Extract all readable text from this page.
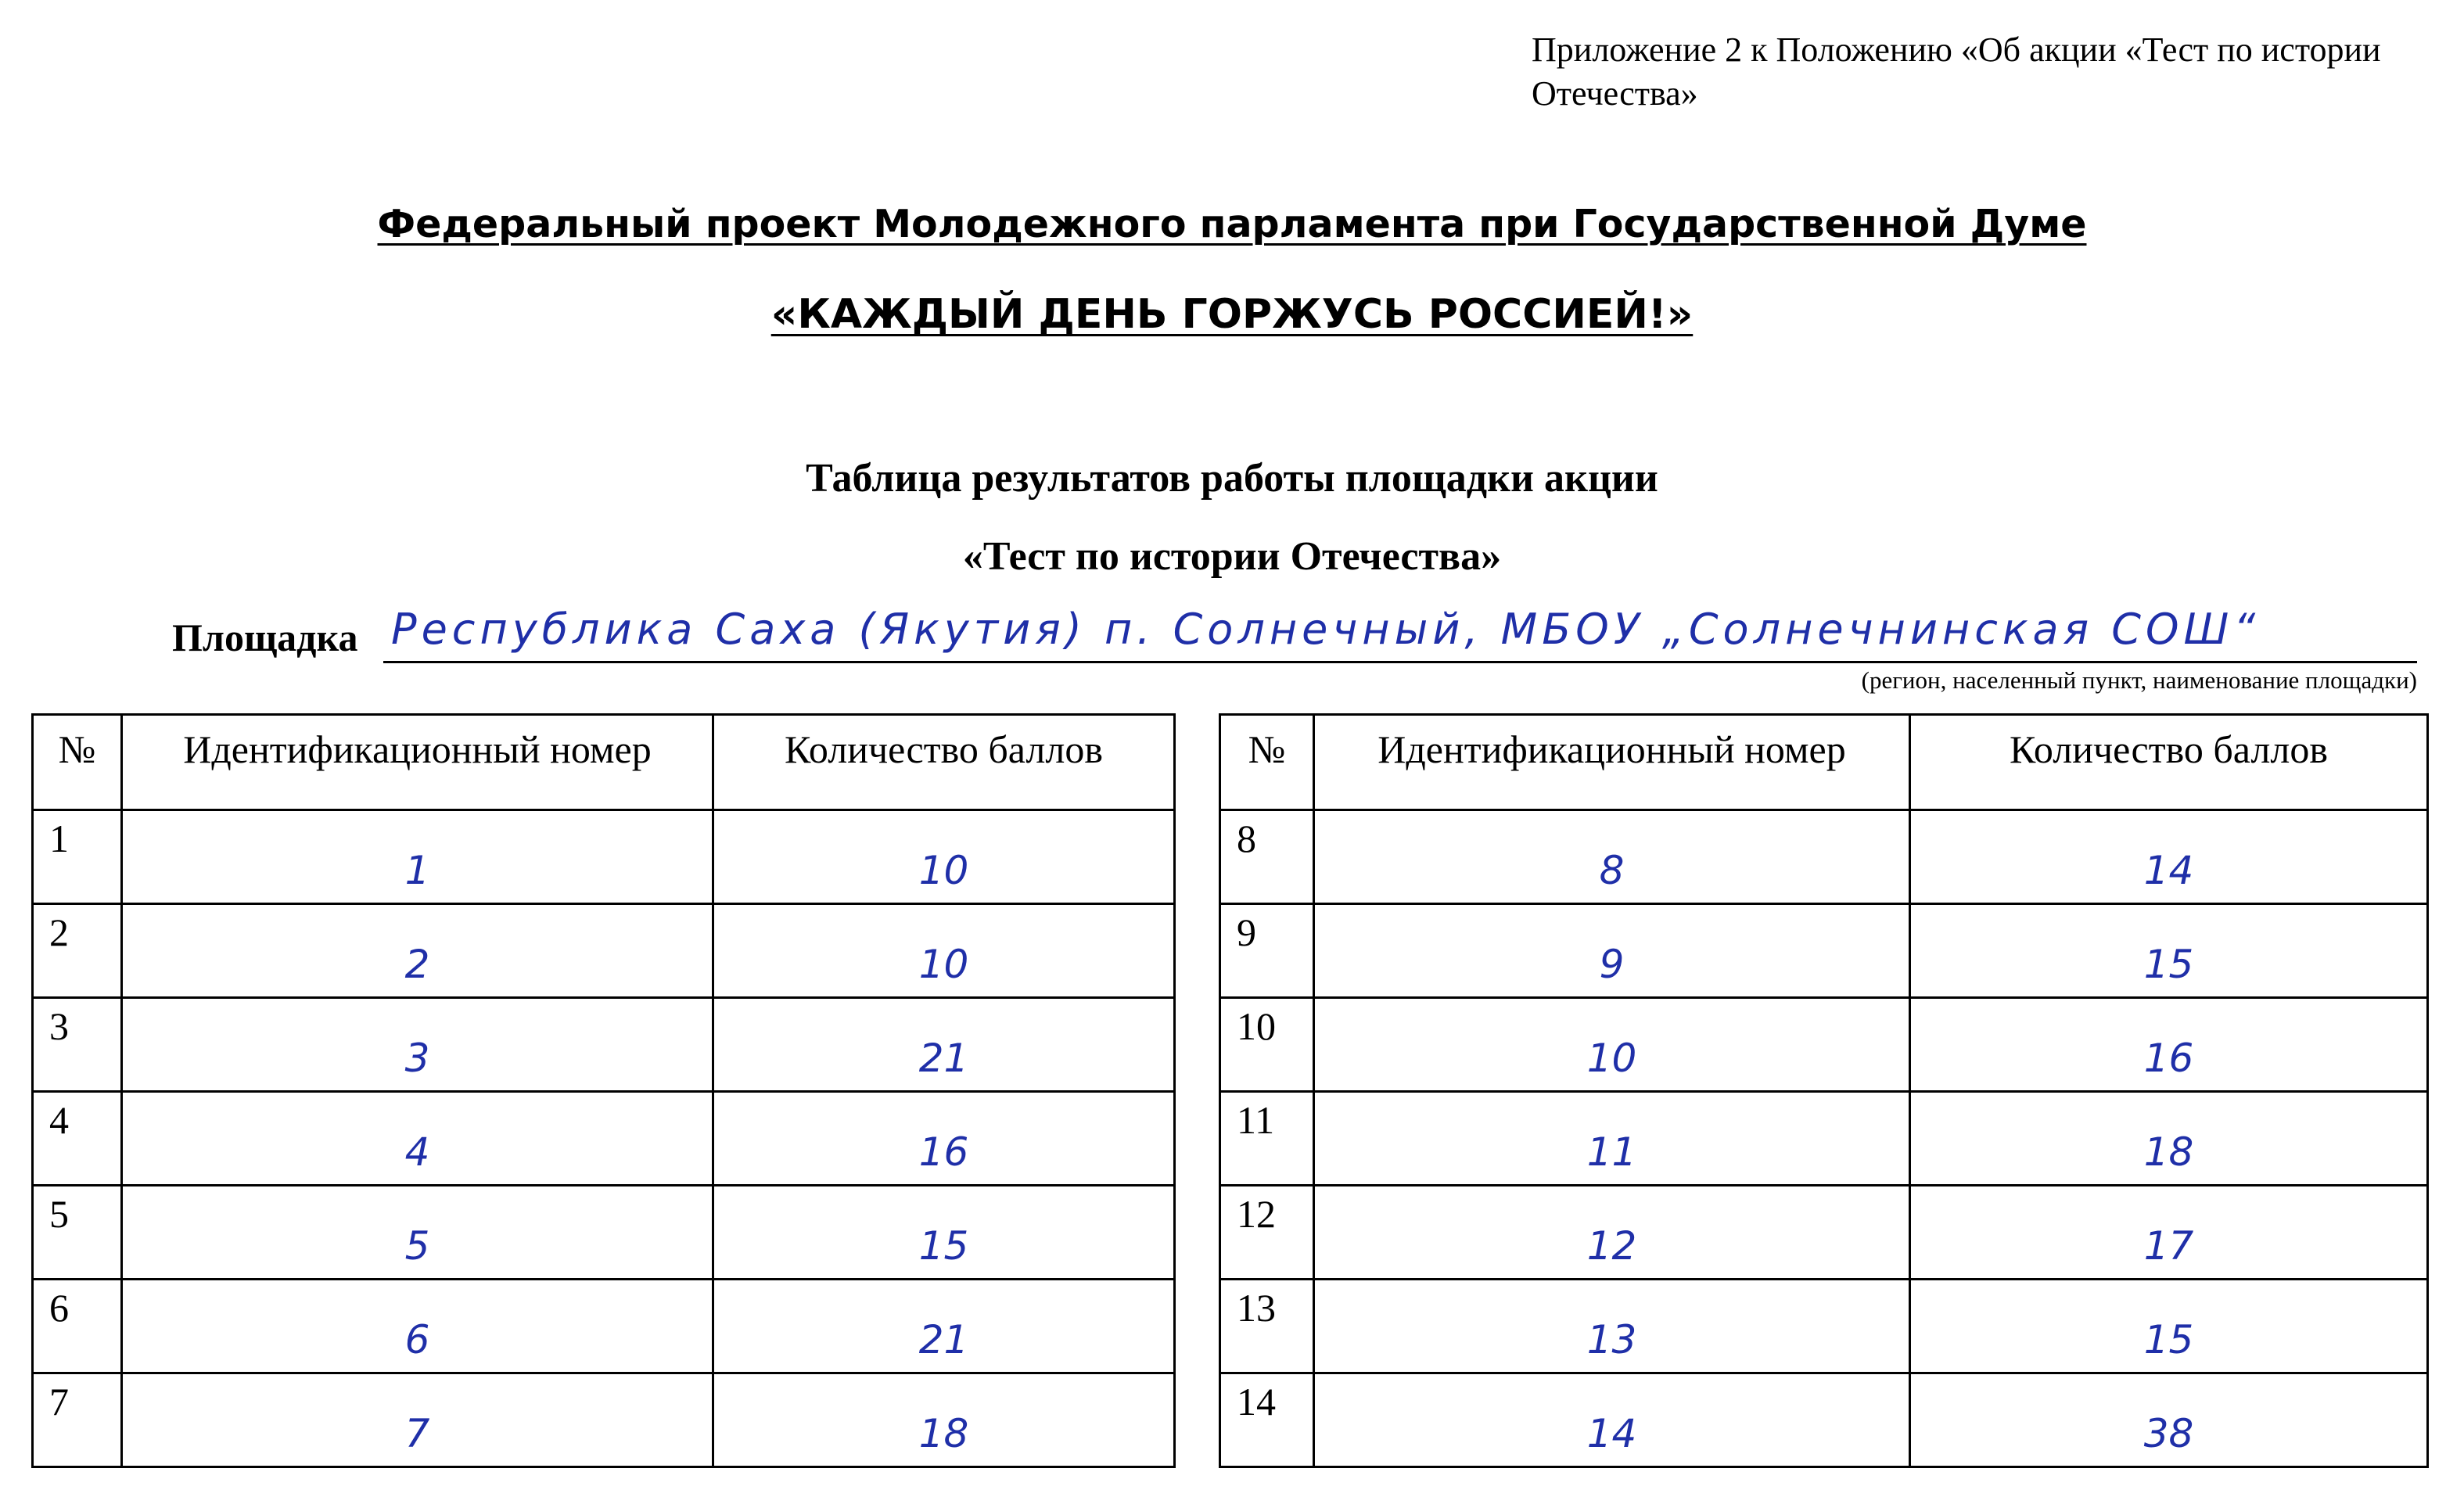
Приложение 2 к Положению «Об акции «Тест по истории Отечества»
Федеральный проект Молодежного парламента при Государственной Думе
«КАЖДЫЙ ДЕНЬ ГОРЖУСЬ РОССИЕЙ!»
Таблица результатов работы площадки акции
«Тест по истории Отечества»
Площадка Республика Саха (Якутия) п. Солнечный, МБОУ „Солнечнинская СОШ“
(регион, населенный пункт, наименование площадки)
№	Идентификационный номер	Количество баллов
1	1	10
2	2	10
3	3	21
4	4	16
5	5	15
6	6	21
7	7	18
№	Идентификационный номер	Количество баллов
8	8	14
9	9	15
10	10	16
11	11	18
12	12	17
13	13	15
14	14	38
